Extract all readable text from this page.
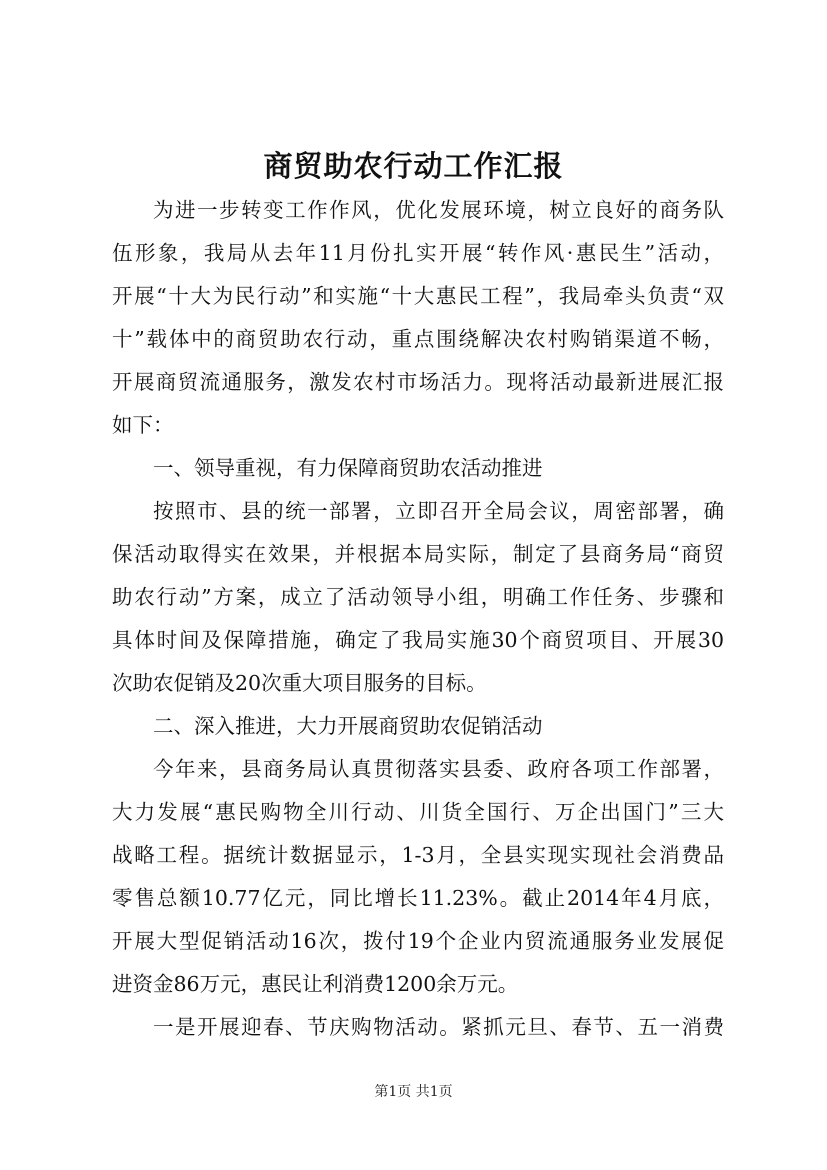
商贸助农行动工作汇报
为进一步转变工作作风，优化发展环境，树立良好的商务队
伍形象，我局从去年11月份扎实开展“转作风·惠民生”活动，
开展“十大为民行动”和实施“十大惠民工程”，我局牵头负责“双
十”载体中的商贸助农行动，重点围绕解决农村购销渠道不畅，
开展商贸流通服务，激发农村市场活力。现将活动最新进展汇报
如下：
一、领导重视，有力保障商贸助农活动推进
按照市、县的统一部署，立即召开全局会议，周密部署，确
保活动取得实在效果，并根据本局实际，制定了县商务局“商贸
助农行动”方案，成立了活动领导小组，明确工作任务、步骤和
具体时间及保障措施，确定了我局实施30个商贸项目、开展30
次助农促销及20次重大项目服务的目标。
二、深入推进，大力开展商贸助农促销活动
今年来，县商务局认真贯彻落实县委、政府各项工作部署，
大力发展“惠民购物全川行动、川货全国行、万企出国门”三大
战略工程。据统计数据显示，1-3月，全县实现实现社会消费品
零售总额10.77亿元，同比增长11.23%。截止2014年4月底，
开展大型促销活动16次，拨付19个企业内贸流通服务业发展促
进资金86万元，惠民让利消费1200余万元。
一是开展迎春、节庆购物活动。紧抓元旦、春节、五一消费
第1页 共1页
